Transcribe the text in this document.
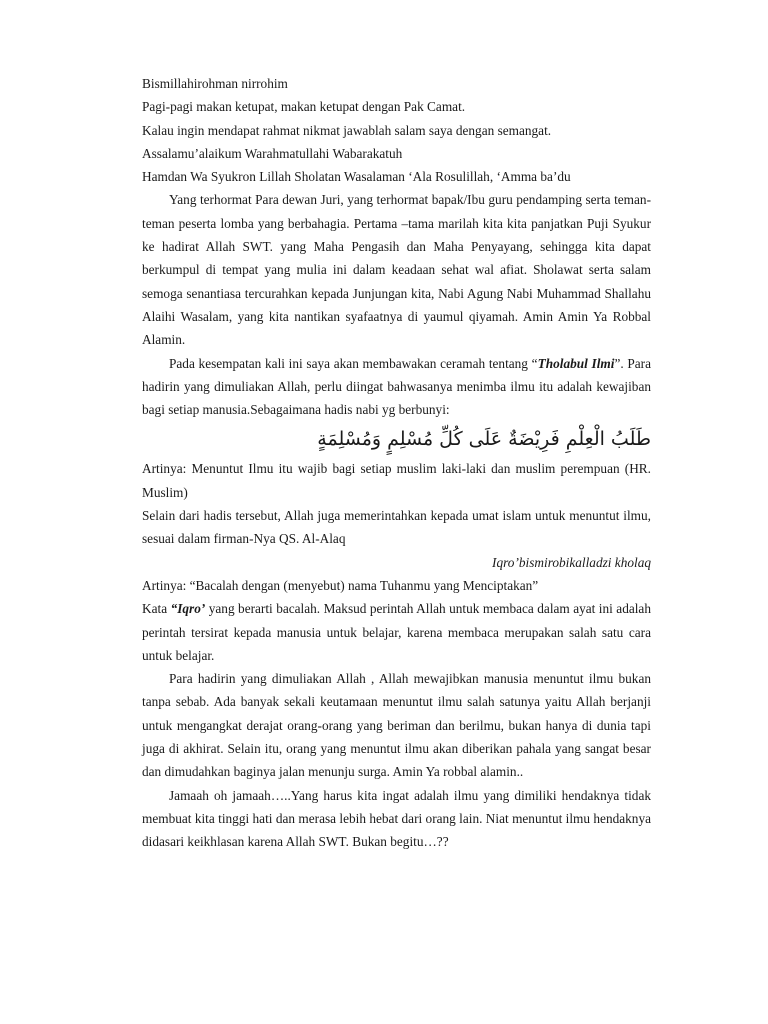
Bismillahirohman nirrohim

Pagi-pagi makan ketupat, makan ketupat dengan Pak Camat.

Kalau ingin mendapat rahmat nikmat jawablah salam saya dengan semangat.

Assalamu’alaikum Warahmatullahi Wabarakatuh

Hamdan Wa Syukron Lillah Sholatan Wasalaman ‘Ala Rosulillah, ‘Amma ba’du

Yang terhormat Para dewan Juri, yang terhormat bapak/Ibu guru pendamping serta teman-teman peserta lomba yang berbahagia. Pertama –tama marilah kita kita panjatkan Puji Syukur ke hadirat Allah SWT. yang Maha Pengasih dan Maha Penyayang, sehingga kita dapat berkumpul di tempat yang mulia ini dalam keadaan sehat wal afiat. Sholawat serta salam semoga senantiasa tercurahkan kepada Junjungan kita, Nabi Agung Nabi Muhammad Shallahu Alaihi Wasalam, yang kita nantikan syafaatnya di yaumul qiyamah. Amin Amin Ya Robbal Alamin.

Pada kesempatan kali ini saya akan membawakan ceramah tentang “Tholabul Ilmi”. Para hadirin yang dimuliakan Allah, perlu diingat bahwasanya menimba ilmu itu adalah kewajiban bagi setiap manusia.Sebagaimana hadis nabi yg berbunyi:

طَلَبُ الْعِلْمِ فَرِيْضَةٌ عَلَى كُلِّ مُسْلِمٍ وَمُسْلِمَةٍ

Artinya: Menuntut Ilmu itu wajib bagi setiap muslim laki-laki dan muslim perempuan (HR. Muslim)

Selain dari hadis tersebut, Allah juga memerintahkan kepada umat islam untuk menuntut ilmu, sesuai dalam firman-Nya QS. Al-Alaq

Iqro’bismirobikalladzi kholaq

Artinya: “Bacalah dengan (menyebut) nama Tuhanmu yang Menciptakan”

Kata “Iqro’ yang berarti bacalah. Maksud perintah Allah untuk membaca dalam ayat ini adalah perintah tersirat kepada manusia untuk belajar, karena membaca merupakan salah satu cara untuk belajar.

Para hadirin yang dimuliakan Allah , Allah mewajibkan manusia menuntut ilmu bukan tanpa sebab. Ada banyak sekali keutamaan menuntut ilmu salah satunya yaitu Allah berjanji untuk mengangkat derajat orang-orang yang beriman dan berilmu, bukan hanya di dunia tapi juga di akhirat. Selain itu, orang yang menuntut ilmu akan diberikan pahala yang sangat besar dan dimudahkan baginya jalan menunju surga. Amin Ya robbal alamin..

Jamaah oh jamaah…..Yang harus kita ingat adalah ilmu yang dimiliki hendaknya tidak membuat kita tinggi hati dan merasa lebih hebat dari orang lain. Niat menuntut ilmu hendaknya didasari keikhlasan karena Allah SWT. Bukan begitu…??
